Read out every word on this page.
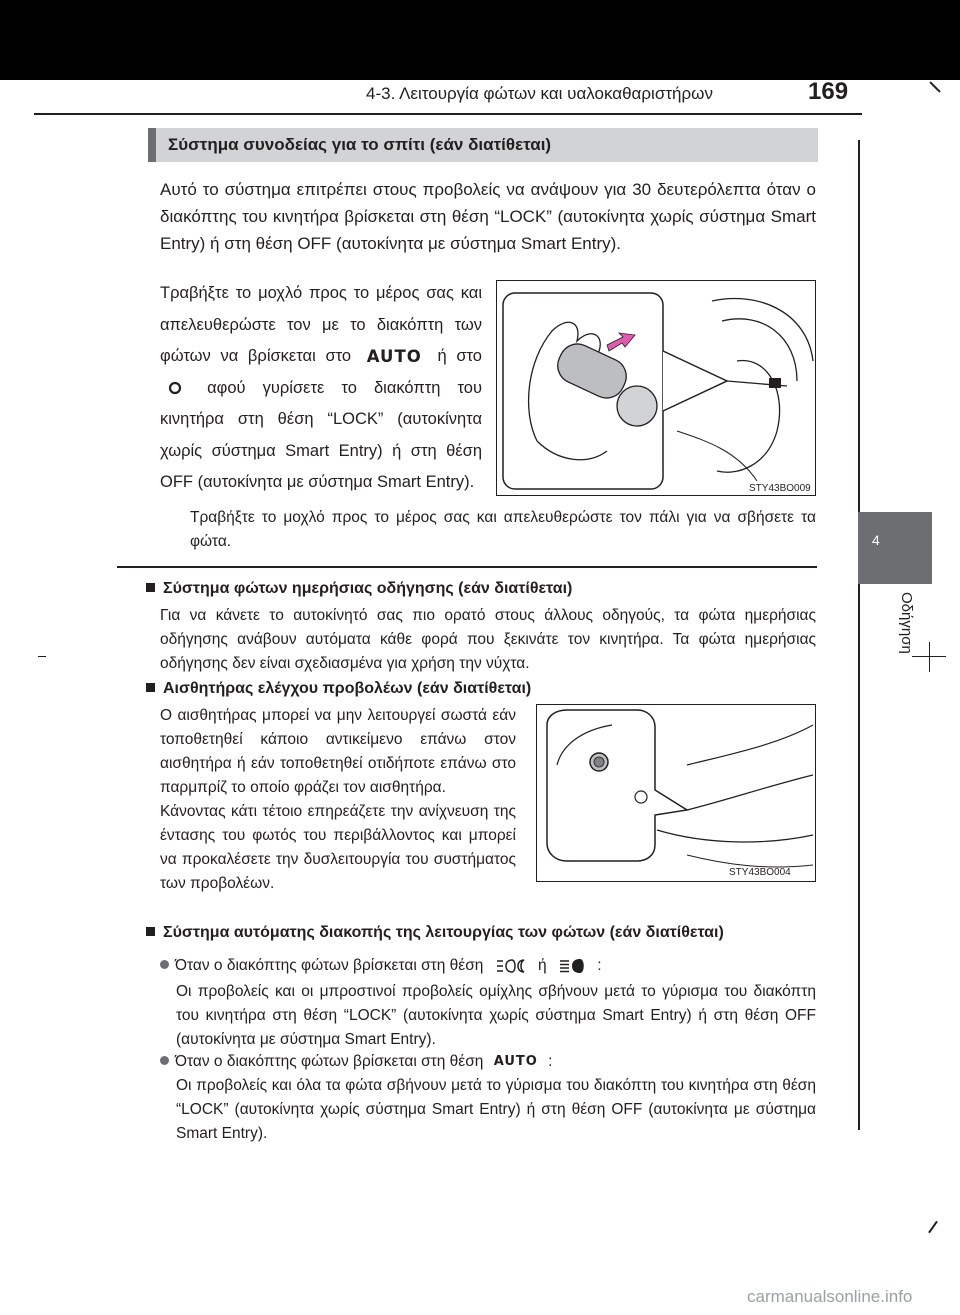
4-3. Λειτουργία φώτων και υαλοκαθαριστήρων	169
4
Οδήγηση
Σύστημα συνοδείας για το σπίτι (εάν διατίθεται)

Αυτό το σύστημα επιτρέπει στους προβολείς να ανάψουν για 30 δευτερόλεπτα όταν ο διακόπτης του κινητήρα βρίσκεται στη θέση “LOCK” (αυτοκίνητα χωρίς σύστημα Smart Entry) ή στη θέση OFF (αυτοκίνητα με σύστημα Smart Entry).

Τραβήξτε το μοχλό προς το μέρος σας και απελευθερώστε τον με το διακόπτη των φώτων να βρίσκεται στο AUTO ή στο  αφού γυρίσετε το διακόπτη του κινητήρα στη θέση “LOCK” (αυτοκίνητα χωρίς σύστημα Smart Entry) ή στη θέση OFF (αυτοκίνητα με σύστημα Smart Entry).	STY43BO009

Τραβήξτε το μοχλό προς το μέρος σας και απελευθερώστε τον πάλι για να σβήσετε τα φώτα.

Σύστημα φώτων ημερήσιας οδήγησης (εάν διατίθεται)

Για να κάνετε το αυτοκίνητό σας πιο ορατό στους άλλους οδηγούς, τα φώτα ημερήσιας οδήγησης ανάβουν αυτόματα κάθε φορά που ξεκινάτε τον κινητήρα. Τα φώτα ημερήσιας οδήγησης δεν είναι σχεδιασμένα για χρήση την νύχτα.

Αισθητήρας ελέγχου προβολέων (εάν διατίθεται)

Ο αισθητήρας μπορεί να μην λειτουργεί σωστά εάν τοποθετηθεί κάποιο αντικείμενο επάνω στον αισθητήρα ή εάν τοποθετηθεί οτιδήποτε επάνω στο παρμπρίζ το οποίο φράζει τον αισθητήρα.

Κάνοντας κάτι τέτοιο επηρεάζετε την ανίχνευση της έντασης του φωτός του περιβάλλοντος και μπορεί να προκαλέσετε την δυσλειτουργία του συστήματος των προβολέων.

STY43BO004
Σύστημα αυτόματης διακοπής της λειτουργίας των φώτων (εάν διατίθεται)
Όταν ο διακόπτης φώτων βρίσκεται στη θέση	ή	:

Οι προβολείς και οι μπροστινοί προβολείς ομίχλης σβήνουν μετά το γύρισμα του διακόπτη του κινητήρα στη θέση “LOCK” (αυτοκίνητα χωρίς σύστημα Smart Entry) ή στη θέση OFF (αυτοκίνητα με σύστημα Smart Entry).

Όταν ο διακόπτης φώτων βρίσκεται στη θέση AUTO :

Οι προβολείς και όλα τα φώτα σβήνουν μετά το γύρισμα του διακόπτη του κινητήρα στη θέση “LOCK” (αυτοκίνητα χωρίς σύστημα Smart Entry) ή στη θέση OFF (αυτοκίνητα με σύστημα Smart Entry).

carmanualsonline.info
